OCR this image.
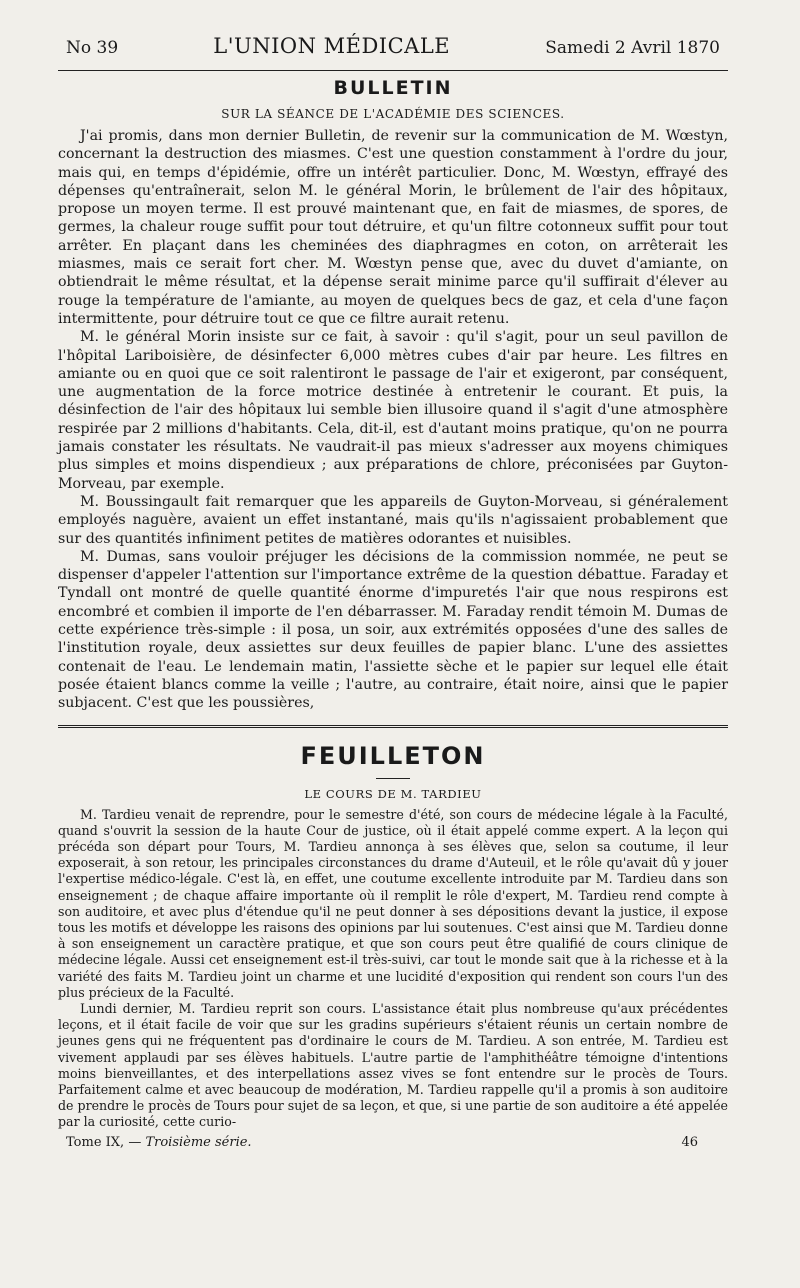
No 39	L'UNION MÉDICALE	Samedi 2 Avril 1870
BULLETIN
SUR LA SÉANCE DE L'ACADÉMIE DES SCIENCES.

J'ai promis, dans mon dernier Bulletin, de revenir sur la communication de M. Wœstyn, concernant la destruction des miasmes. C'est une question constamment à l'ordre du jour, mais qui, en temps d'épidémie, offre un intérêt particulier. Donc, M. Wœstyn, effrayé des dépenses qu'entraînerait, selon M. le général Morin, le brûlement de l'air des hôpitaux, propose un moyen terme. Il est prouvé maintenant que, en fait de miasmes, de spores, de germes, la chaleur rouge suffit pour tout détruire, et qu'un filtre cotonneux suffit pour tout arrêter. En plaçant dans les cheminées des diaphragmes en coton, on arrêterait les miasmes, mais ce serait fort cher. M. Wœstyn pense que, avec du duvet d'amiante, on obtiendrait le même résultat, et la dépense serait minime parce qu'il suffirait d'élever au rouge la température de l'amiante, au moyen de quelques becs de gaz, et cela d'une façon intermittente, pour détruire tout ce que ce filtre aurait retenu.

M. le général Morin insiste sur ce fait, à savoir : qu'il s'agit, pour un seul pavillon de l'hôpital Lariboisière, de désinfecter 6,000 mètres cubes d'air par heure. Les filtres en amiante ou en quoi que ce soit ralentiront le passage de l'air et exigeront, par conséquent, une augmentation de la force motrice destinée à entretenir le courant. Et puis, la désinfection de l'air des hôpitaux lui semble bien illusoire quand il s'agit d'une atmosphère respirée par 2 millions d'habitants. Cela, dit-il, est d'autant moins pratique, qu'on ne pourra jamais constater les résultats. Ne vaudrait-il pas mieux s'adresser aux moyens chimiques plus simples et moins dispendieux ; aux préparations de chlore, préconisées par Guyton-Morveau, par exemple.

M. Boussingault fait remarquer que les appareils de Guyton-Morveau, si généralement employés naguère, avaient un effet instantané, mais qu'ils n'agissaient probablement que sur des quantités infiniment petites de matières odorantes et nuisibles.

M. Dumas, sans vouloir préjuger les décisions de la commission nommée, ne peut se dispenser d'appeler l'attention sur l'importance extrême de la question débattue. Faraday et Tyndall ont montré de quelle quantité énorme d'impuretés l'air que nous respirons est encombré et combien il importe de l'en débarrasser. M. Faraday rendit témoin M. Dumas de cette expérience très-simple : il posa, un soir, aux extrémités opposées d'une des salles de l'institution royale, deux assiettes sur deux feuilles de papier blanc. L'une des assiettes contenait de l'eau. Le lendemain matin, l'assiette sèche et le papier sur lequel elle était posée étaient blancs comme la veille ; l'autre, au contraire, était noire, ainsi que le papier subjacent. C'est que les poussières,

FEUILLETON
LE COURS DE M. TARDIEU

M. Tardieu venait de reprendre, pour le semestre d'été, son cours de médecine légale à la Faculté, quand s'ouvrit la session de la haute Cour de justice, où il était appelé comme expert. A la leçon qui précéda son départ pour Tours, M. Tardieu annonça à ses élèves que, selon sa coutume, il leur exposerait, à son retour, les principales circonstances du drame d'Auteuil, et le rôle qu'avait dû y jouer l'expertise médico-légale. C'est là, en effet, une coutume excellente introduite par M. Tardieu dans son enseignement ; de chaque affaire importante où il remplit le rôle d'expert, M. Tardieu rend compte à son auditoire, et avec plus d'étendue qu'il ne peut donner à ses dépositions devant la justice, il expose tous les motifs et développe les raisons des opinions par lui soutenues. C'est ainsi que M. Tardieu donne à son enseignement un caractère pratique, et que son cours peut être qualifié de cours clinique de médecine légale. Aussi cet enseignement est-il très-suivi, car tout le monde sait que à la richesse et à la variété des faits M. Tardieu joint un charme et une lucidité d'exposition qui rendent son cours l'un des plus précieux de la Faculté.

Lundi dernier, M. Tardieu reprit son cours. L'assistance était plus nombreuse qu'aux précédentes leçons, et il était facile de voir que sur les gradins supérieurs s'étaient réunis un certain nombre de jeunes gens qui ne fréquentent pas d'ordinaire le cours de M. Tardieu. A son entrée, M. Tardieu est vivement applaudi par ses élèves habituels. L'autre partie de l'amphithéâtre témoigne d'intentions moins bienveillantes, et des interpellations assez vives se font entendre sur le procès de Tours. Parfaitement calme et avec beaucoup de modération, M. Tardieu rappelle qu'il a promis à son auditoire de prendre le procès de Tours pour sujet de sa leçon, et que, si une partie de son auditoire a été appelée par la curiosité, cette curio-

Tome IX, — Troisième série.	46
